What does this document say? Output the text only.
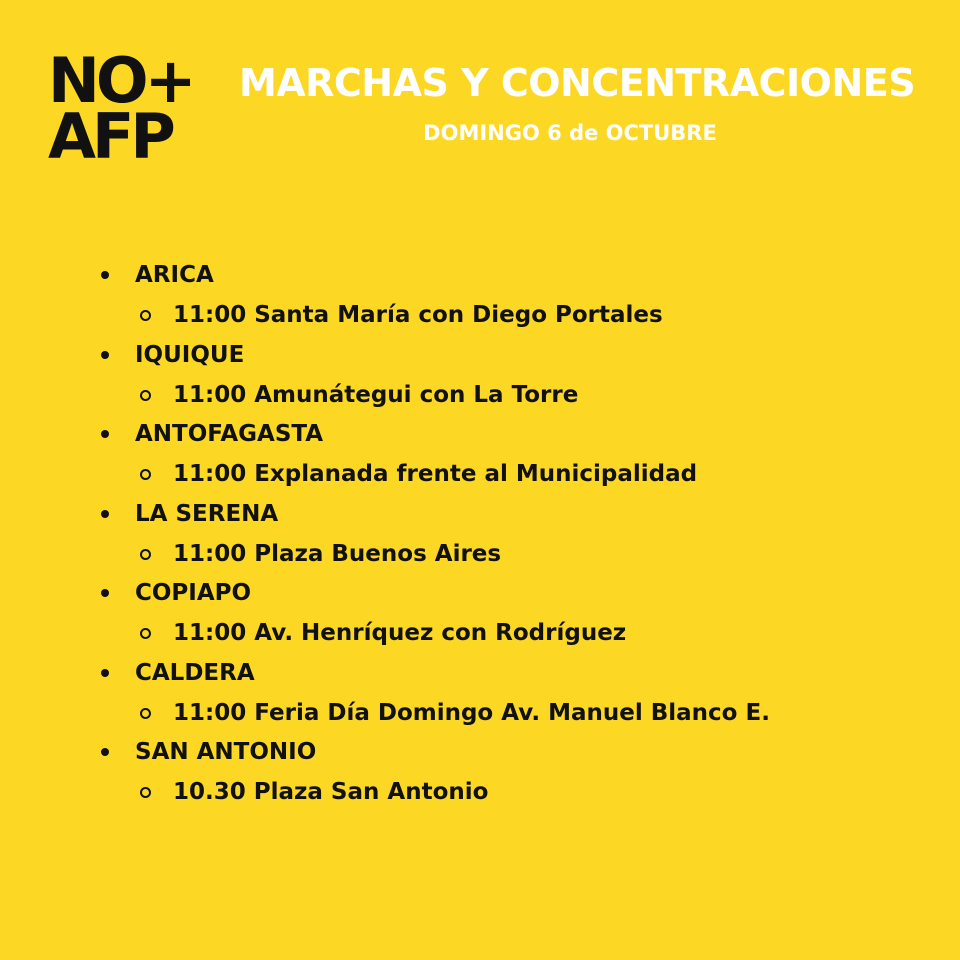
NO+
AFP
MARCHAS Y CONCENTRACIONES
DOMINGO 6 de OCTUBRE
ARICA
11:00 Santa María con Diego Portales
IQUIQUE
11:00 Amunátegui con La Torre
ANTOFAGASTA
11:00 Explanada frente al Municipalidad
LA SERENA
11:00 Plaza Buenos Aires
COPIAPO
11:00 Av. Henríquez con Rodríguez
CALDERA
11:00 Feria Día Domingo Av. Manuel Blanco E.
SAN ANTONIO
10.30 Plaza San Antonio
